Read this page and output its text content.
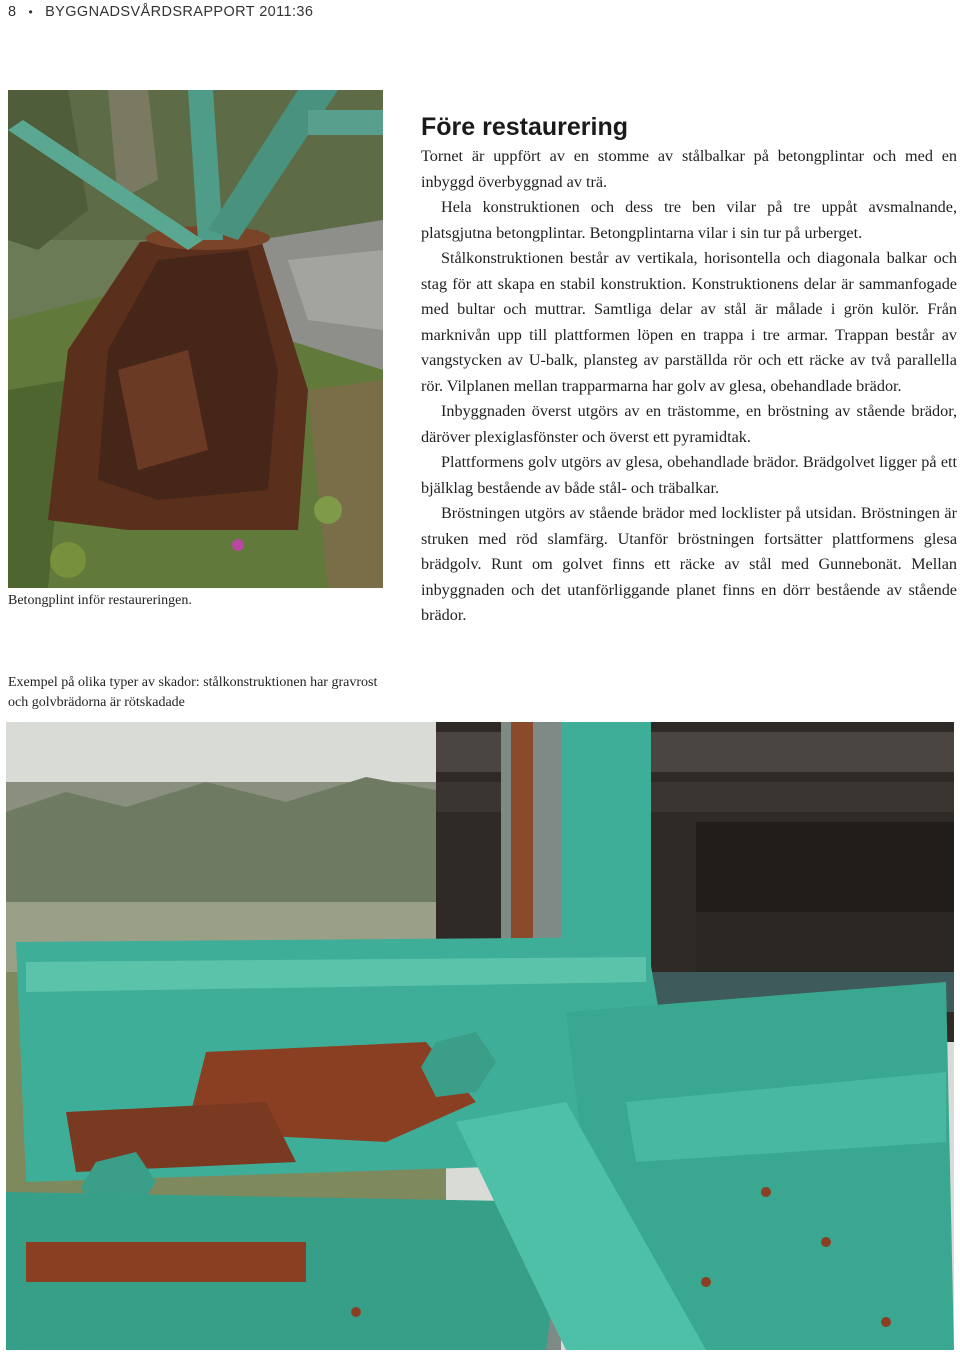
8 • BYGGNADSVÅRDSRAPPORT 2011:36
Betongplint inför restaureringen.
Exempel på olika typer av skador: stålkonstruktionen har gravrost och golvbrädorna är rötskadade
Före restaurering

Tornet är uppfört av en stomme av stålbalkar på betongplintar och med en inbyggd överbyggnad av trä.

Hela konstruktionen och dess tre ben vilar på tre uppåt avsmalnande, platsgjutna betongplintar. Betongplintarna vilar i sin tur på urberget.

Stålkonstruktionen består av vertikala, horisontella och diagonala balkar och stag för att skapa en stabil konstruktion. Konstruktionens delar är sammanfogade med bultar och muttrar. Samtliga delar av stål är målade i grön kulör. Från marknivån upp till plattformen löpen en trappa i tre armar. Trappan består av vangstycken av U-balk, plansteg av parställda rör och ett räcke av två parallella rör. Vilplanen mellan trapparmarna har golv av glesa, obehandlade brädor.

Inbyggnaden överst utgörs av en trästomme, en bröstning av stående brädor, däröver plexiglasfönster och överst ett pyramidtak.

Plattformens golv utgörs av glesa, obehandlade brädor. Brädgolvet ligger på ett bjälklag bestående av både stål- och träbalkar.

Bröstningen utgörs av stående brädor med locklister på utsidan. Bröstningen är struken med röd slamfärg. Utanför bröstningen fortsätter plattformens glesa brädgolv. Runt om golvet finns ett räcke av stål med Gunnebonät. Mellan inbyggnaden och det utanförliggande planet finns en dörr bestående av stående brädor.
